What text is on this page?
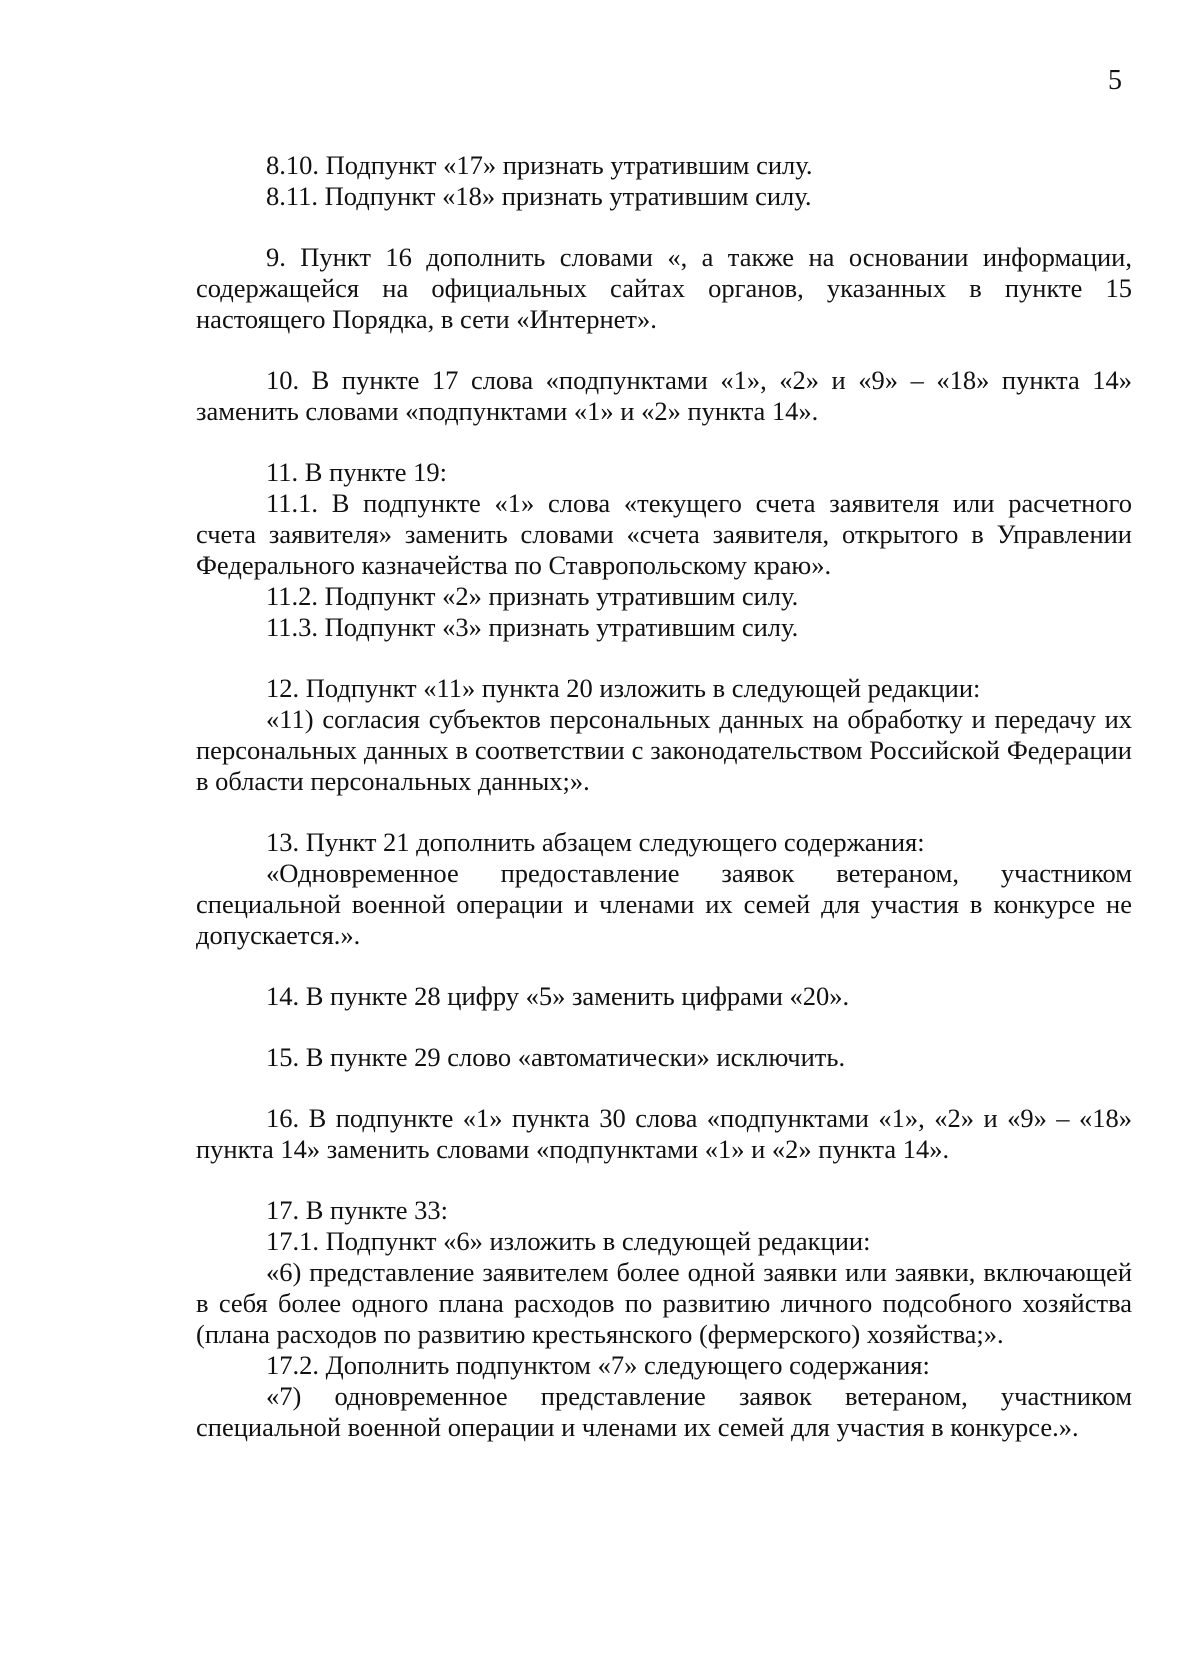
5

8.10. Подпункт «17» признать утратившим силу.

8.11. Подпункт «18» признать утратившим силу.

9. Пункт 16 дополнить словами «, а также на основании информации, содержащейся на официальных сайтах органов, указанных в пункте 15 настоящего Порядка, в сети «Интернет».

10. В пункте 17 слова «подпунктами «1», «2» и «9» – «18» пункта 14» заменить словами «подпунктами «1» и «2» пункта 14».

11. В пункте 19:

11.1. В подпункте «1» слова «текущего счета заявителя или расчетного счета заявителя» заменить словами «счета заявителя, открытого в Управлении Федерального казначейства по Ставропольскому краю».

11.2. Подпункт «2» признать утратившим силу.

11.3. Подпункт «3» признать утратившим силу.

12. Подпункт «11» пункта 20 изложить в следующей редакции:

«11) согласия субъектов персональных данных на обработку и передачу их персональных данных в соответствии с законодательством Российской Федерации в области персональных данных;».

13. Пункт 21 дополнить абзацем следующего содержания:

«Одновременное предоставление заявок ветераном, участником специальной военной операции и членами их семей для участия в конкурсе не допускается.».

14. В пункте 28 цифру «5» заменить цифрами «20».

15. В пункте 29 слово «автоматически» исключить.

16. В подпункте «1» пункта 30 слова «подпунктами «1», «2» и «9» – «18» пункта 14» заменить словами «подпунктами «1» и «2» пункта 14».

17. В пункте 33:

17.1. Подпункт «6» изложить в следующей редакции:

«6) представление заявителем более одной заявки или заявки, включающей в себя более одного плана расходов по развитию личного подсобного хозяйства (плана расходов по развитию крестьянского (фермерского) хозяйства;».

17.2. Дополнить подпунктом «7» следующего содержания:

«7) одновременное представление заявок ветераном, участником специальной военной операции и членами их семей для участия в конкурсе.».
